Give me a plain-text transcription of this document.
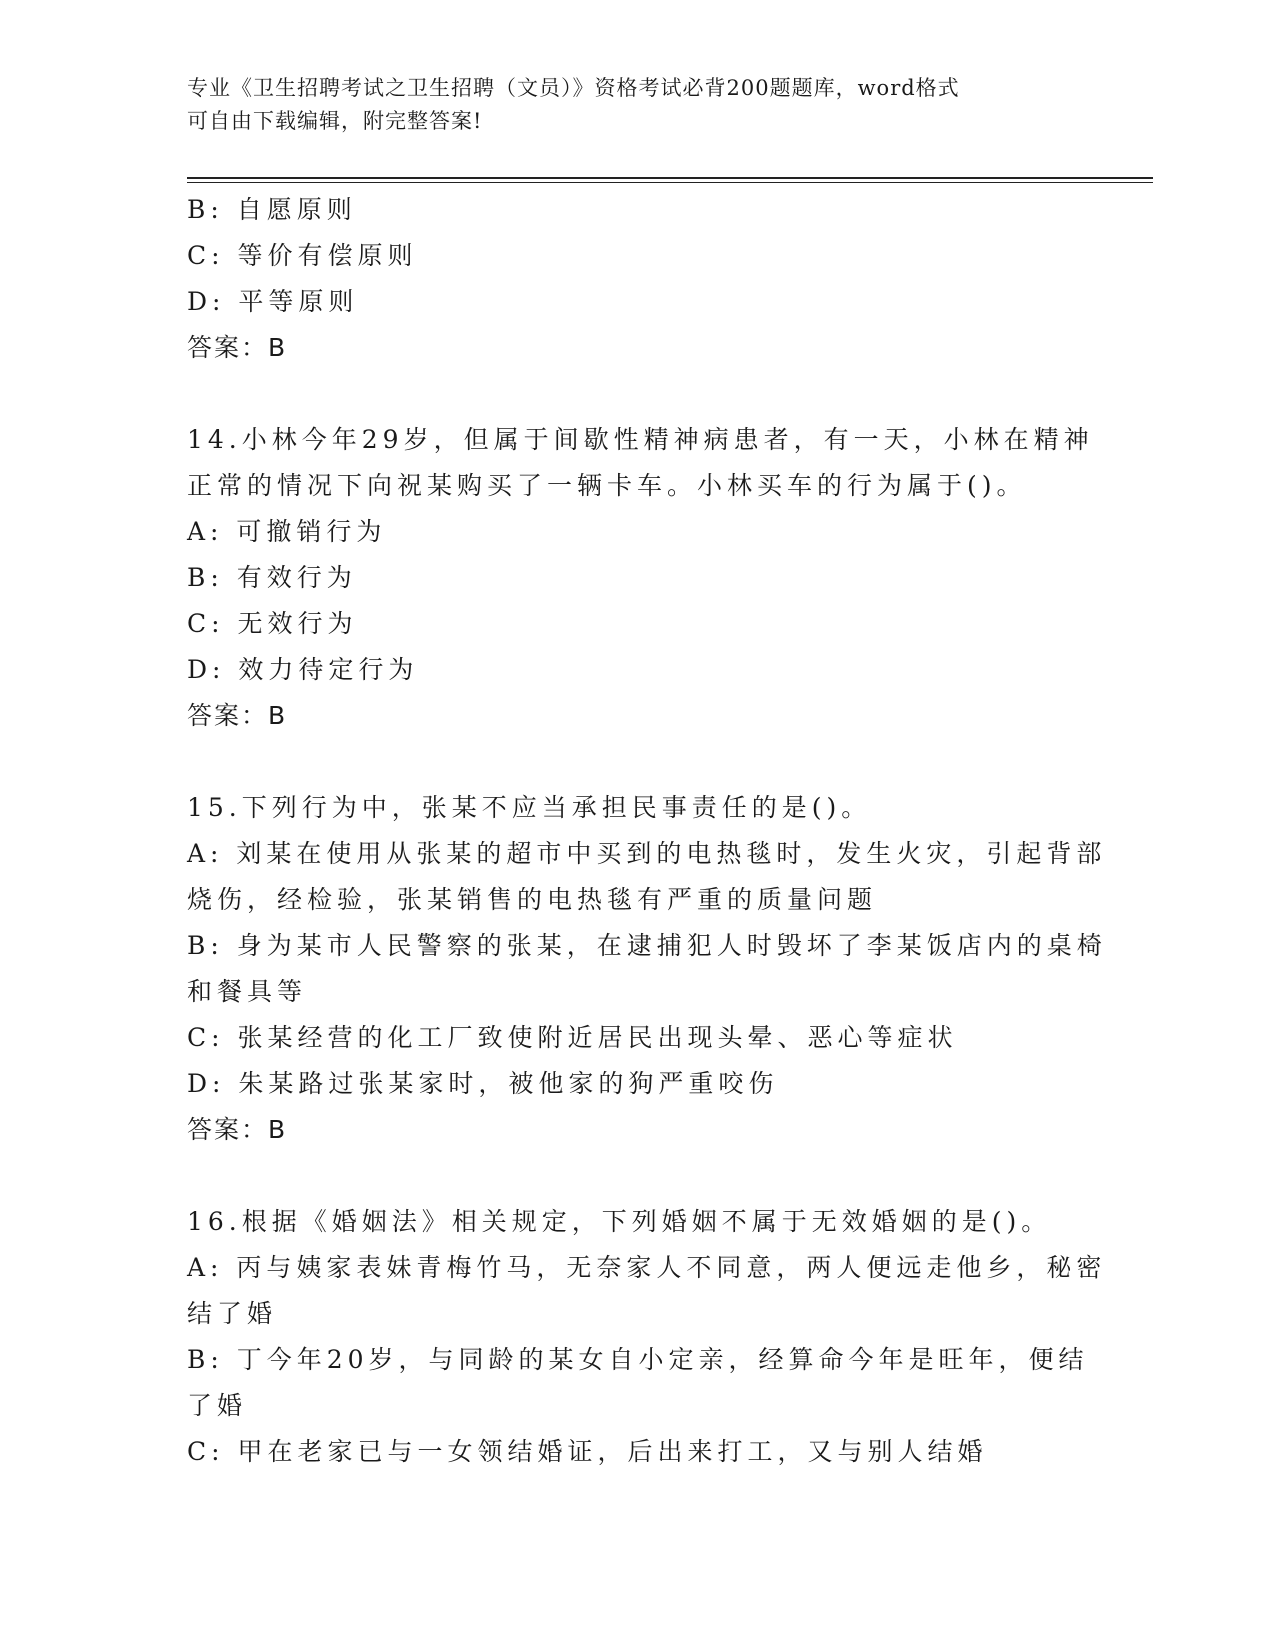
专业《卫生招聘考试之卫生招聘（文员）》资格考试必背200题题库，word格式
可自由下载编辑，附完整答案!
B: 自愿原则
C: 等价有偿原则
D: 平等原则
答案：B
14.小林今年29岁，但属于间歇性精神病患者，有一天，小林在精神
正常的情况下向祝某购买了一辆卡车。小林买车的行为属于()。
A: 可撤销行为
B: 有效行为
C: 无效行为
D: 效力待定行为
答案：B
15.下列行为中，张某不应当承担民事责任的是()。
A: 刘某在使用从张某的超市中买到的电热毯时，发生火灾，引起背部
烧伤，经检验，张某销售的电热毯有严重的质量问题
B: 身为某市人民警察的张某，在逮捕犯人时毁坏了李某饭店内的桌椅
和餐具等
C: 张某经营的化工厂致使附近居民出现头晕、恶心等症状
D: 朱某路过张某家时，被他家的狗严重咬伤
答案：B
16.根据《婚姻法》相关规定，下列婚姻不属于无效婚姻的是()。
A: 丙与姨家表妹青梅竹马，无奈家人不同意，两人便远走他乡，秘密
结了婚
B: 丁今年20岁，与同龄的某女自小定亲，经算命今年是旺年，便结
了婚
C: 甲在老家已与一女领结婚证，后出来打工，又与别人结婚
